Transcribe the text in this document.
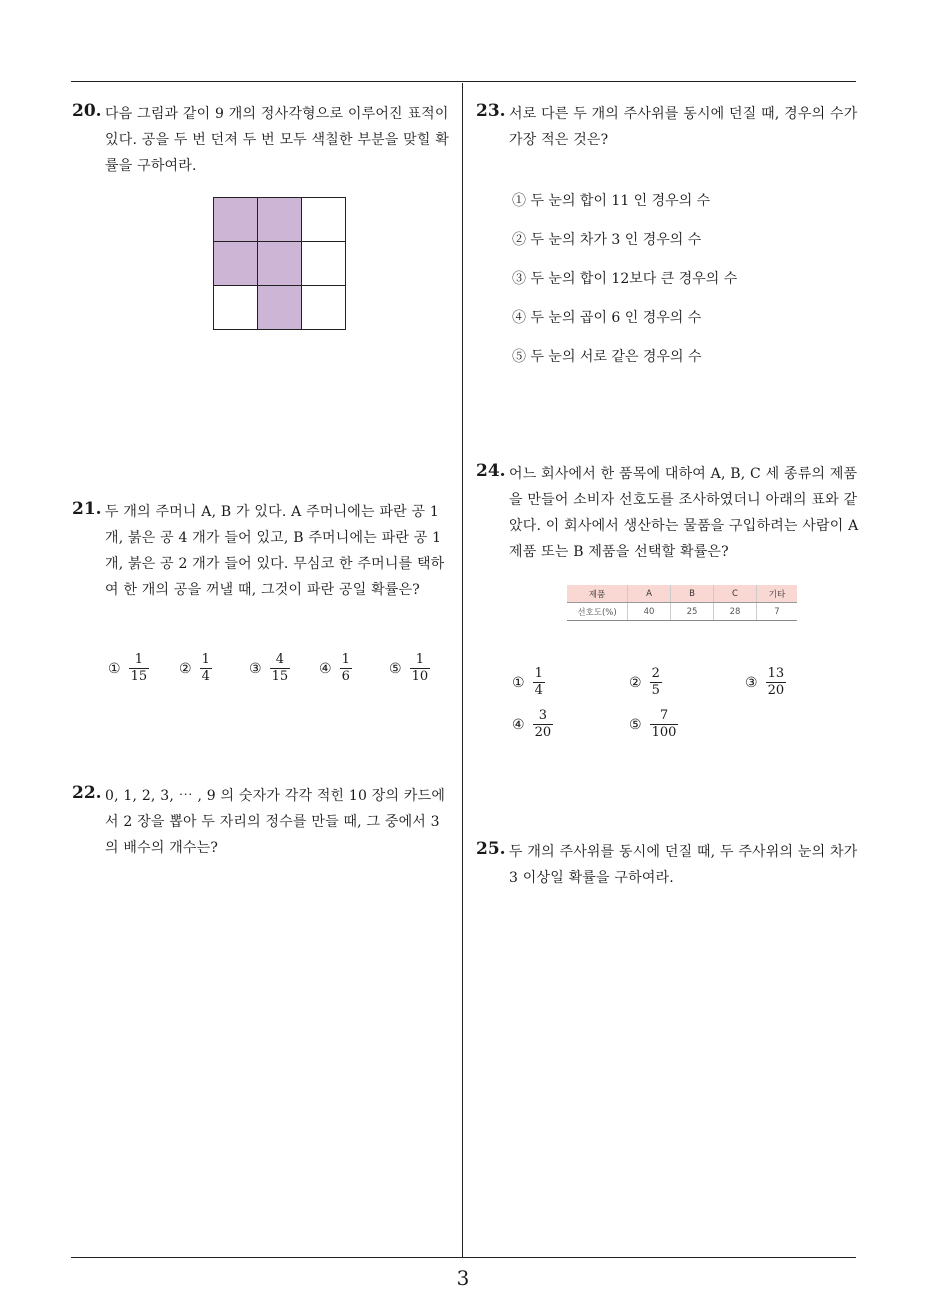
20. 다음 그림과 같이 9 개의 정사각형으로 이루어진 표적이 있다. 공을 두 번 던져 두 번 모두 색칠한 부분을 맞힐 확률을 구하여라.

21. 두 개의 주머니 A, B 가 있다. A 주머니에는 파란 공 1 개, 붉은 공 4 개가 들어 있고, B 주머니에는 파란 공 1 개, 붉은 공 2 개가 들어 있다. 무심코 한 주머니를 택하여 한 개의 공을 꺼낼 때, 그것이 파란 공일 확률은?
① $\frac{1}{15}$ ② $\frac{1}{4}$	③ $\frac{4}{15}$ ④ $\frac{1}{6}$	⑤ $\frac{1}{10}$
22. 0, 1, 2, 3, ⋯ , 9 의 숫자가 각각 적힌 10 장의 카드에서 2 장을 뽑아 두 자리의 정수를 만들 때, 그 중에서 3 의 배수의 개수는?
23. 서로 다른 두 개의 주사위를 동시에 던질 때, 경우의 수가 가장 적은 것은?
① 두 눈의 합이 11 인 경우의 수
② 두 눈의 차가 3 인 경우의 수
③ 두 눈의 합이 12보다 큰 경우의 수
④ 두 눈의 곱이 6 인 경우의 수
⑤ 두 눈의 서로 같은 경우의 수
24. 어느 회사에서 한 품목에 대하여 A, B, C 세 종류의 제품을 만들어 소비자 선호도를 조사하였더니 아래의 표와 같았다. 이 회사에서 생산하는 물품을 구입하려는 사람이 A 제품 또는 B 제품을 선택할 확률은?
제품	A	B	C	기타
선호도(%)	40	25	28	7
① $\frac{1}{4}$	② $\frac{2}{5}$	③ $\frac{13}{20}$
④ $\frac{3}{20}$	⑤ $\frac{7}{100}$
25. 두 개의 주사위를 동시에 던질 때, 두 주사위의 눈의 차가 3 이상일 확률을 구하여라.
3
